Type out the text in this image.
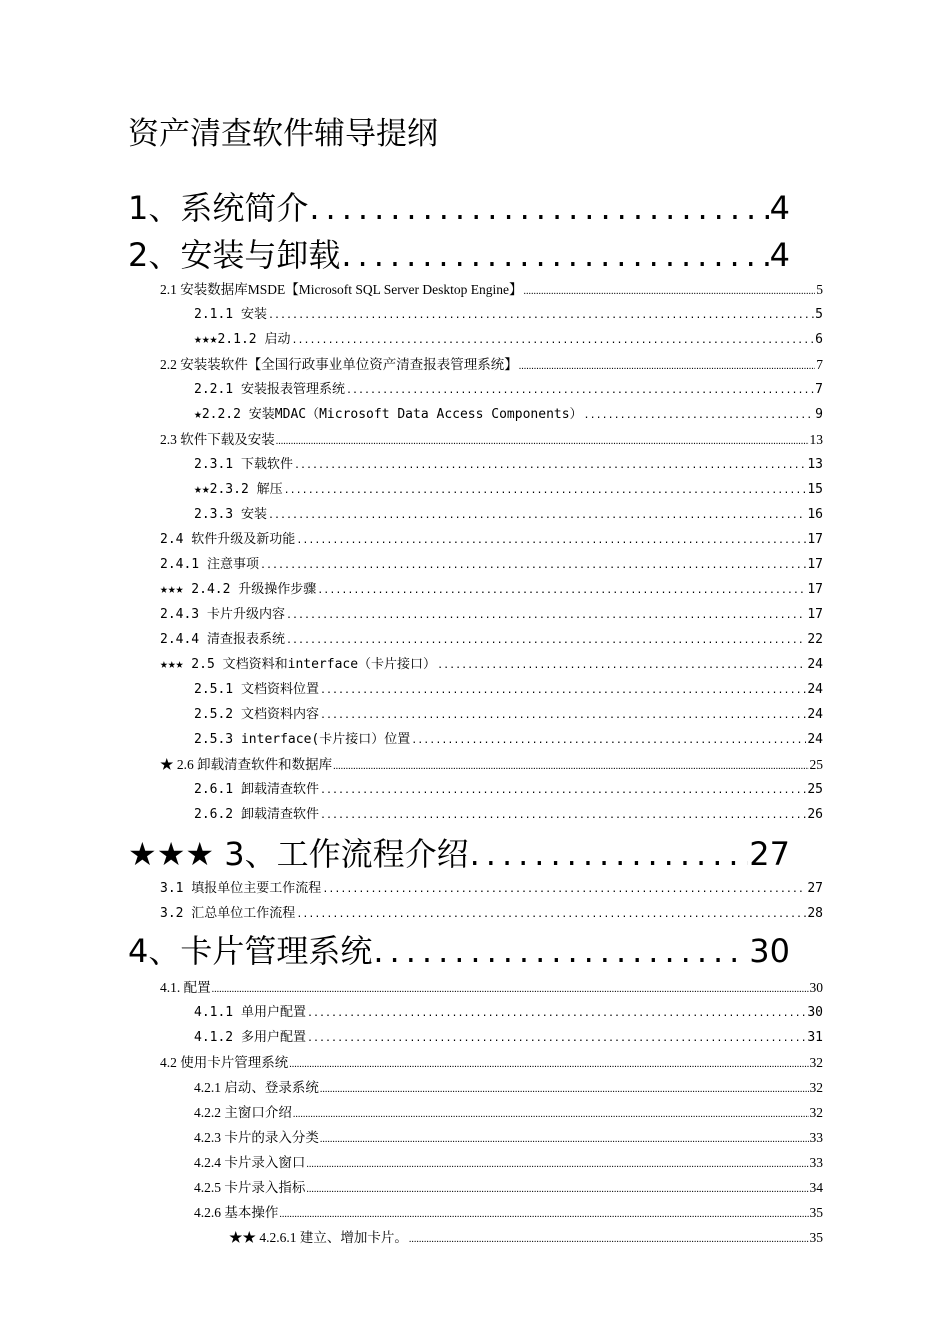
资产清查软件辅导提纲
1、系统简介 .....	4
2、安装与卸载 .....	4
2.1 安装数据库MSDE【Microsoft SQL Server Desktop Engine】 .....	5
2.1.1 安装 .....	5
★★★2.1.2 启动 .....	6
2.2 安装装软件【全国行政事业单位资产清查报表管理系统】 .....	7
2.2.1 安装报表管理系统 .....	7
★2.2.2 安装MDAC（Microsoft Data Access Components） .....	9
2.3 软件下载及安装 .....	13
2.3.1 下载软件 .....	13
★★2.3.2 解压 .....	15
2.3.3 安装 .....	16
2.4 软件升级及新功能 .....	17
2.4.1 注意事项 .....	17
★★★ 2.4.2 升级操作步骤 .....	17
2.4.3 卡片升级内容 .....	17
2.4.4 清查报表系统 .....	22
★★★ 2.5 文档资料和interface（卡片接口） .....	24
2.5.1 文档资料位置 .....	24
2.5.2 文档资料内容 .....	24
2.5.3 interface(卡片接口）位置 .....	24
★ 2.6 卸载清查软件和数据库 .....	25
2.6.1 卸载清查软件 .....	25
2.6.2 卸载清查软件 .....	26
★★★ 3、工作流程介绍 .....	27
3.1 填报单位主要工作流程 .....	27
3.2 汇总单位工作流程 .....	28
4、卡片管理系统 .....	30
4.1. 配置 .....	30
4.1.1 单用户配置 .....	30
4.1.2 多用户配置 .....	31
4.2 使用卡片管理系统 .....	32
4.2.1 启动、登录系统 .....	32
4.2.2 主窗口介绍 .....	32
4.2.3 卡片的录入分类 .....	33
4.2.4 卡片录入窗口 .....	33
4.2.5 卡片录入指标 .....	34
4.2.6 基本操作 .....	35
★★ 4.2.6.1 建立、增加卡片。 .....	35
